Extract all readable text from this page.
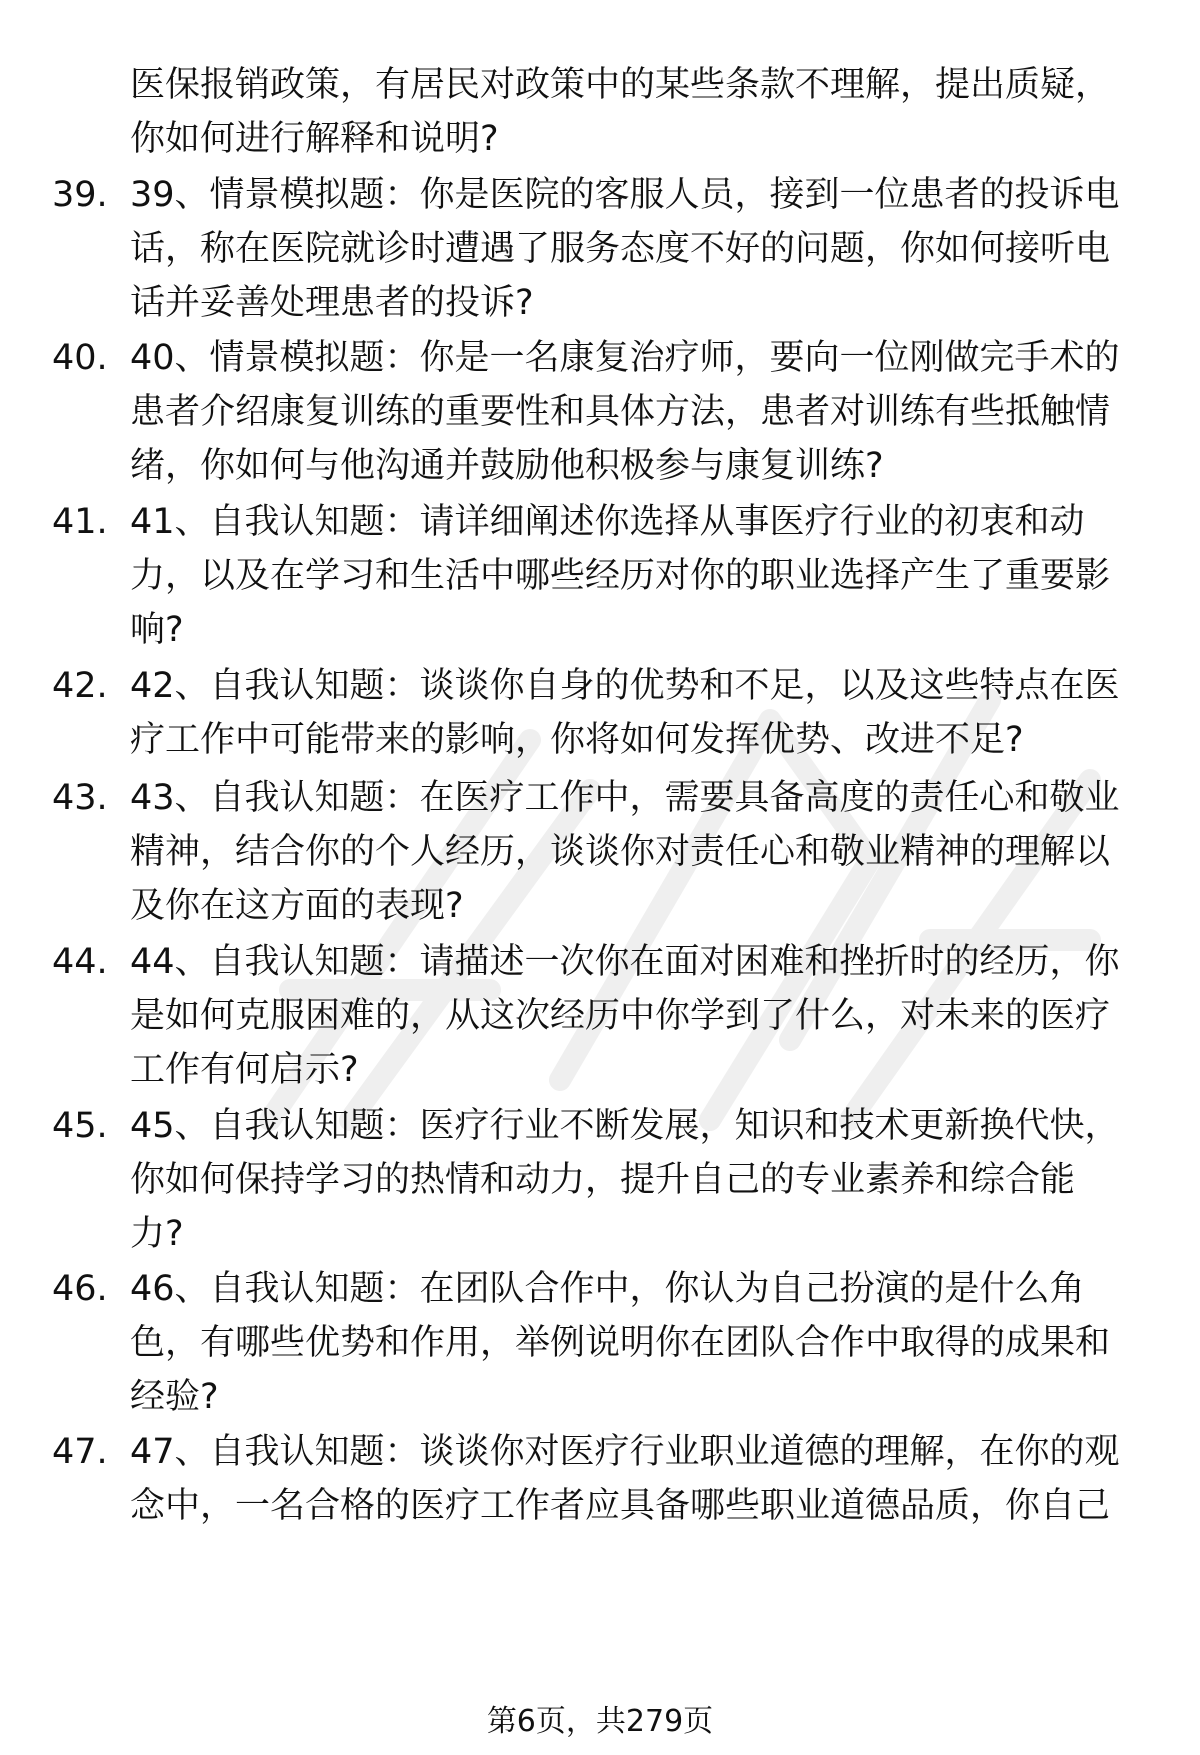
医保报销政策，有居民对政策中的某些条款不理解，提出质疑，
你如何进行解释和说明?
39. 39、情景模拟题：你是医院的客服人员，接到一位患者的投诉电
话，称在医院就诊时遭遇了服务态度不好的问题，你如何接听电
话并妥善处理患者的投诉?
40. 40、情景模拟题：你是一名康复治疗师，要向一位刚做完手术的
患者介绍康复训练的重要性和具体方法，患者对训练有些抵触情
绪，你如何与他沟通并鼓励他积极参与康复训练?
41. 41、自我认知题：请详细阐述你选择从事医疗行业的初衷和动
力，以及在学习和生活中哪些经历对你的职业选择产生了重要影
响?
42. 42、自我认知题：谈谈你自身的优势和不足，以及这些特点在医
疗工作中可能带来的影响，你将如何发挥优势、改进不足?
43. 43、自我认知题：在医疗工作中，需要具备高度的责任心和敬业
精神，结合你的个人经历，谈谈你对责任心和敬业精神的理解以
及你在这方面的表现?
44. 44、自我认知题：请描述一次你在面对困难和挫折时的经历，你
是如何克服困难的，从这次经历中你学到了什么，对未来的医疗
工作有何启示?
45. 45、自我认知题：医疗行业不断发展，知识和技术更新换代快，
你如何保持学习的热情和动力，提升自己的专业素养和综合能
力?
46. 46、自我认知题：在团队合作中，你认为自己扮演的是什么角
色，有哪些优势和作用，举例说明你在团队合作中取得的成果和
经验?
47. 47、自我认知题：谈谈你对医疗行业职业道德的理解，在你的观
念中，一名合格的医疗工作者应具备哪些职业道德品质，你自己
第6页，共279页
